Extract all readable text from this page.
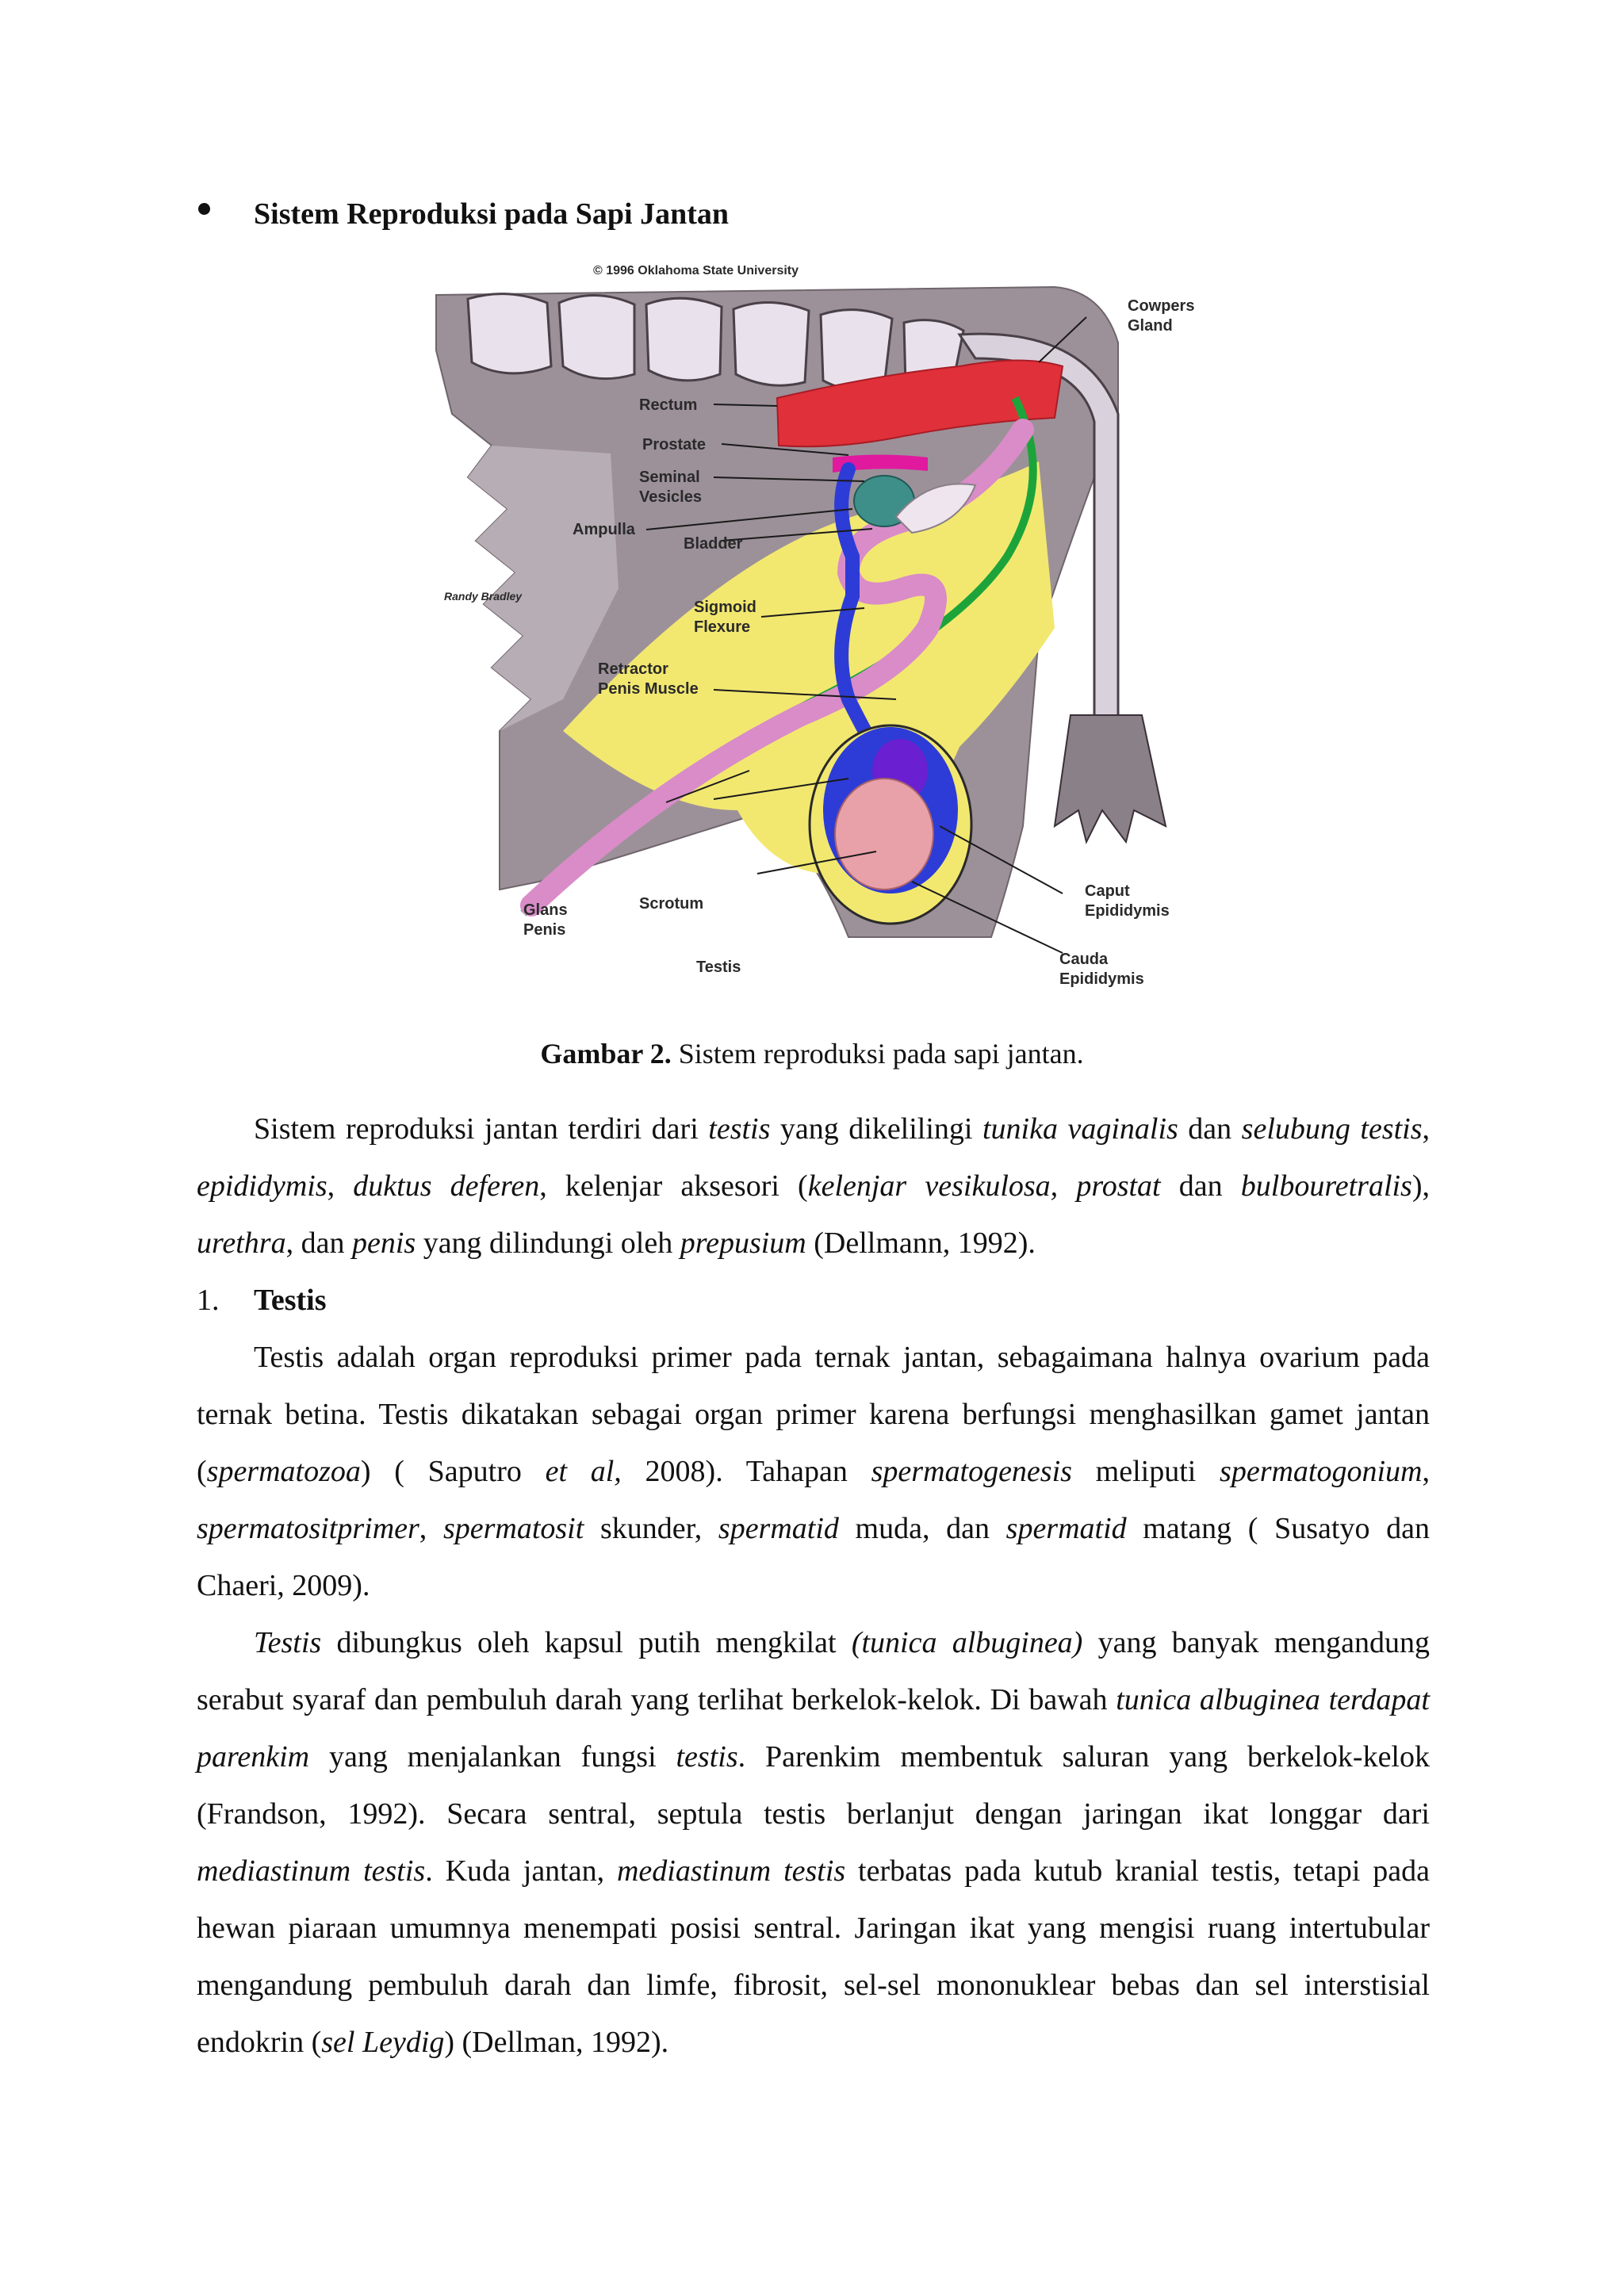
Sistem Reproduksi pada Sapi Jantan
© 1996 Oklahoma State University
Randy Bradley
Cowpers
Gland
Rectum
Prostate
Seminal
Vesicles
Ampulla
Bladder
Sigmoid
Flexure
Retractor
Penis Muscle
Glans
Penis
Scrotum
Testis
Caput
Epididymis
Cauda
Epididymis
Gambar 2. Sistem reproduksi pada sapi jantan.

Sistem reproduksi jantan terdiri dari testis yang dikelilingi tunika vaginalis dan selubung testis, epididymis, duktus deferen, kelenjar aksesori (kelenjar vesikulosa, prostat dan bulbouretralis), urethra, dan penis yang dilindungi oleh prepusium (Dellmann, 1992).

1. Testis

Testis adalah organ reproduksi primer pada ternak jantan, sebagaimana halnya ovarium pada ternak betina. Testis dikatakan sebagai organ primer karena berfungsi menghasilkan gamet jantan (spermatozoa) ( Saputro et al, 2008). Tahapan spermatogenesis meliputi spermatogonium, spermatositprimer, spermatosit skunder, spermatid muda, dan spermatid matang ( Susatyo dan Chaeri, 2009).

Testis dibungkus oleh kapsul putih mengkilat (tunica albuginea) yang banyak mengandung serabut syaraf dan pembuluh darah yang terlihat berkelok-kelok. Di bawah tunica albuginea terdapat parenkim yang menjalankan fungsi testis. Parenkim membentuk saluran yang berkelok-kelok (Frandson, 1992). Secara sentral, septula testis berlanjut dengan jaringan ikat longgar dari mediastinum testis. Kuda jantan, mediastinum testis terbatas pada kutub kranial testis, tetapi pada hewan piaraan umumnya menempati posisi sentral. Jaringan ikat yang mengisi ruang intertubular mengandung pembuluh darah dan limfe, fibrosit, sel-sel mononuklear bebas dan sel interstisial endokrin (sel Leydig) (Dellman, 1992).
